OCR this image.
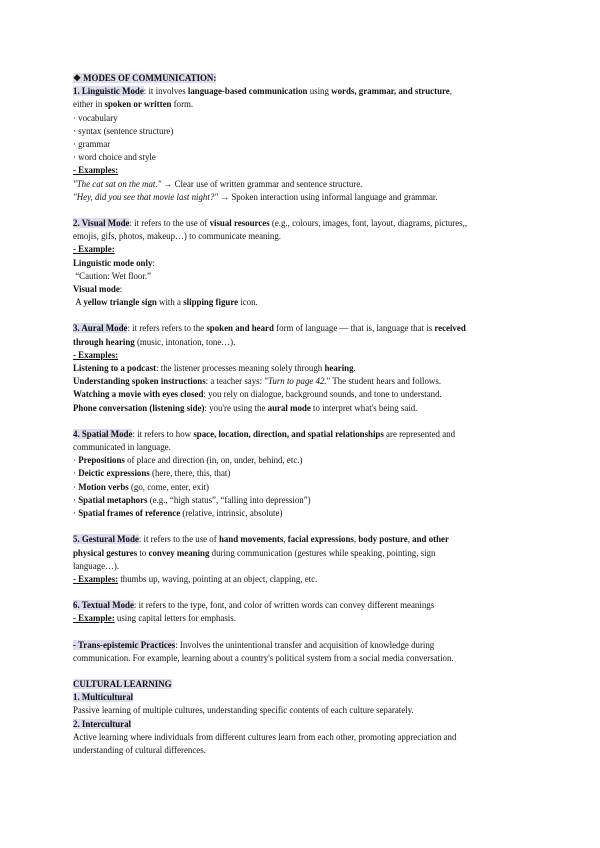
❖ MODES OF COMMUNICATION:

1. Linguistic Mode: it involves language-based communication using words, grammar, and structure,

either in spoken or written form.

· vocabulary

· syntax (sentence structure)

· grammar

· word choice and style

- Examples:

"The cat sat on the mat." → Clear use of written grammar and sentence structure.

"Hey, did you see that movie last night?" → Spoken interaction using informal language and grammar.

2. Visual Mode: it refers to the use of visual resources (e.g., colours, images, font, layout, diagrams, pictures,,

emojis, gifs, photos, makeup…) to communicate meaning.

- Example:

Linguistic mode only:

“Caution: Wet floor.”

Visual mode:

A yellow triangle sign with a slipping figure icon.

3. Aural Mode: it refers refers to the spoken and heard form of language — that is, language that is received

through hearing (music, intonation, tone…).

- Examples:

Listening to a podcast: the listener processes meaning solely through hearing.

Understanding spoken instructions: a teacher says: "Turn to page 42." The student hears and follows.

Watching a movie with eyes closed: you rely on dialogue, background sounds, and tone to understand.

Phone conversation (listening side): you're using the aural mode to interpret what's being said.

4. Spatial Mode: it refers to how space, location, direction, and spatial relationships are represented and

communicated in language.

· Prepositions of place and direction (in, on, under, behind, etc.)

· Deictic expressions (here, there, this, that)

· Motion verbs (go, come, enter, exit)

· Spatial metaphors (e.g., “high status”, “falling into depression”)

· Spatial frames of reference (relative, intrinsic, absolute)

5. Gestural Mode: it refers to the use of hand movements, facial expressions, body posture, and other

physical gestures to convey meaning during communication (gestures while speaking, pointing, sign

language…).

- Examples: thumbs up, waving, pointing at an object, clapping, etc.

6. Textual Mode: it refers to the type, font, and color of written words can convey different meanings

- Example: using capital letters for emphasis.

- Trans-epistemic Practices: Involves the unintentional transfer and acquisition of knowledge during

communication. For example, learning about a country's political system from a social media conversation.

CULTURAL LEARNING

1. Multicultural

Passive learning of multiple cultures, understanding specific contents of each culture separately.

2. Intercultural

Active learning where individuals from different cultures learn from each other, promoting appreciation and

understanding of cultural differences.
